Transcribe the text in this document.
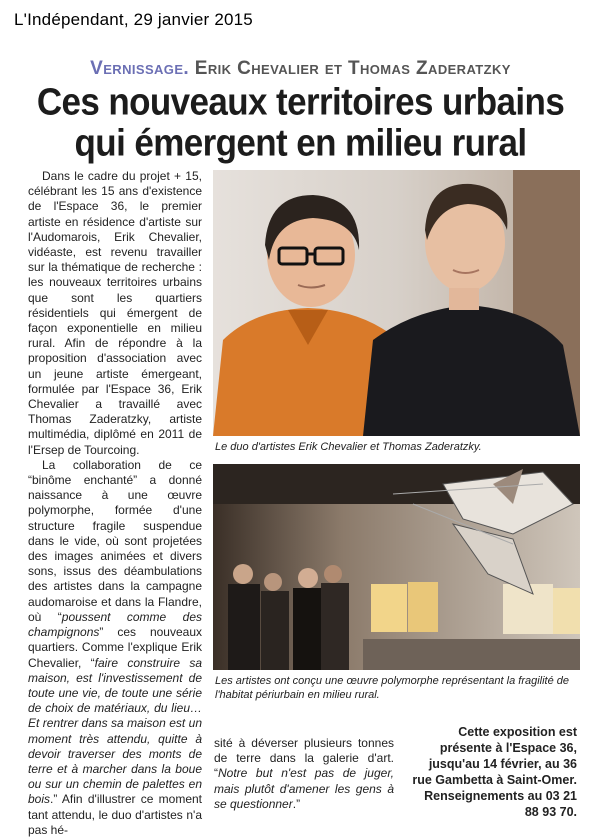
L'Indépendant, 29 janvier 2015
Vernissage. Erik Chevalier et Thomas Zaderatzky
Ces nouveaux territoires urbains
qui émergent en milieu rural

Dans le cadre du projet + 15, célébrant les 15 ans d'existence de l'Espace 36, le premier artiste en résidence d'artiste sur l'Audomarois, Erik Chevalier, vidéaste, est revenu travailler sur la thématique de recherche : les nouveaux territoires urbains que sont les quartiers résidentiels qui émergent de façon exponentielle en milieu rural. Afin de répondre à la proposition d'association avec un jeune artiste émergeant, formulée par l'Espace 36, Erik Chevalier a travaillé avec Thomas Zaderatzky, artiste multimédia, diplômé en 2011 de l'Ersep de Tourcoing.

La collaboration de ce “binôme enchanté” a donné naissance à une œuvre polymorphe, formée d'une structure fragile suspendue dans le vide, où sont projetées des images animées et divers sons, issus des déambulations des artistes dans la campagne audomaroise et dans la Flandre, où “poussent comme des champignons” ces nouveaux quartiers. Comme l'explique Erik Chevalier, “faire construire sa maison, est l'investissement de toute une vie, de toute une série de choix de matériaux, du lieu… Et rentrer dans sa maison est un moment très attendu, quitte à devoir traverser des monts de terre et à marcher dans la boue ou sur un chemin de palettes en bois.” Afin d'illustrer ce moment tant attendu, le duo d'artistes n'a pas hé-

Le duo d'artistes Erik Chevalier et Thomas Zaderatzky.
Les artistes ont conçu une œuvre polymorphe représentant la fragilité de l'habitat périurbain en milieu rural.

sité à déverser plusieurs tonnes de terre dans la galerie d'art. “Notre but n'est pas de juger, mais plutôt d'amener les gens à se questionner.”

Cette exposition est présente à l'Espace 36, jusqu'au 14 février, au 36 rue Gambetta à Saint-Omer. Renseignements au 03 21 88 93 70.
